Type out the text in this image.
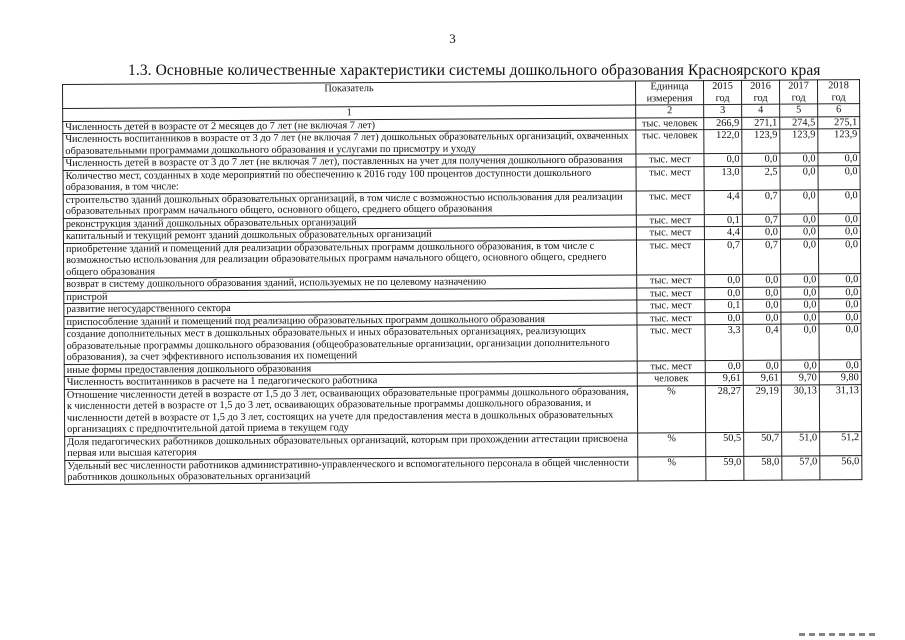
3
1.3. Основные количественные характеристики системы дошкольного образования Красноярского края
Показатель	Единица измерения	2015 год	2016 год	2017 год	2018 год
1	2	3	4	5	6
Численность детей в возрасте от 2 месяцев до 7 лет (не включая 7 лет)	тыс. человек	266,9	271,1	274,5	275,1
Численность воспитанников в возрасте от 3 до 7 лет (не включая 7 лет) дошкольных образовательных организаций, охваченных образовательными программами дошкольного образования и услугами по присмотру и уходу	тыс. человек	122,0	123,9	123,9	123,9
Численность детей в возрасте от 3 до 7 лет (не включая 7 лет), поставленных на учет для получения дошкольного образования	тыс. мест	0,0	0,0	0,0	0,0
Количество мест, созданных в ходе мероприятий по обеспечению к 2016 году 100 процентов доступности дошкольного образования, в том числе:	тыс. мест	13,0	2,5	0,0	0,0
строительство зданий дошкольных образовательных организаций, в том числе с возможностью использования для реализации образовательных программ начального общего, основного общего, среднего общего образования	тыс. мест	4,4	0,7	0,0	0,0
реконструкция зданий дошкольных образовательных организаций	тыс. мест	0,1	0,7	0,0	0,0
капитальный и текущий ремонт зданий дошкольных образовательных организаций	тыс. мест	4,4	0,0	0,0	0,0
приобретение зданий и помещений для реализации образовательных программ дошкольного образования, в том числе с возможностью использования для реализации образовательных программ начального общего, основного общего, среднего общего образования	тыс. мест	0,7	0,7	0,0	0,0
возврат в систему дошкольного образования зданий, используемых не по целевому назначению	тыс. мест	0,0	0,0	0,0	0,0
пристрой	тыс. мест	0,0	0,0	0,0	0,0
развитие негосударственного сектора	тыс. мест	0,1	0,0	0,0	0,0
приспособление зданий и помещений под реализацию образовательных программ дошкольного образования	тыс. мест	0,0	0,0	0,0	0,0
создание дополнительных мест в дошкольных образовательных и иных образовательных организациях, реализующих образовательные программы дошкольного образования (общеобразовательные организации, организации дополнительного образования), за счет эффективного использования их помещений	тыс. мест	3,3	0,4	0,0	0,0
иные формы предоставления дошкольного образования	тыс. мест	0,0	0,0	0,0	0,0
Численность воспитанников в расчете на 1 педагогического работника	человек	9,61	9,61	9,70	9,80
Отношение численности детей в возрасте от 1,5 до 3 лет, осваивающих образовательные программы дошкольного образования, к численности детей в возрасте от 1,5 до 3 лет, осваивающих образовательные программы дошкольного образования, и численности детей в возрасте от 1,5 до 3 лет, состоящих на учете для предоставления места в дошкольных образовательных организациях с предпочтительной датой приема в текущем году	%	28,27	29,19	30,13	31,13
Доля педагогических работников дошкольных образовательных организаций, которым при прохождении аттестации присвоена первая или высшая категория	%	50,5	50,7	51,0	51,2
Удельный вес численности работников административно-управленческого и вспомогательного персонала в общей численности работников дошкольных образовательных организаций	%	59,0	58,0	57,0	56,0
